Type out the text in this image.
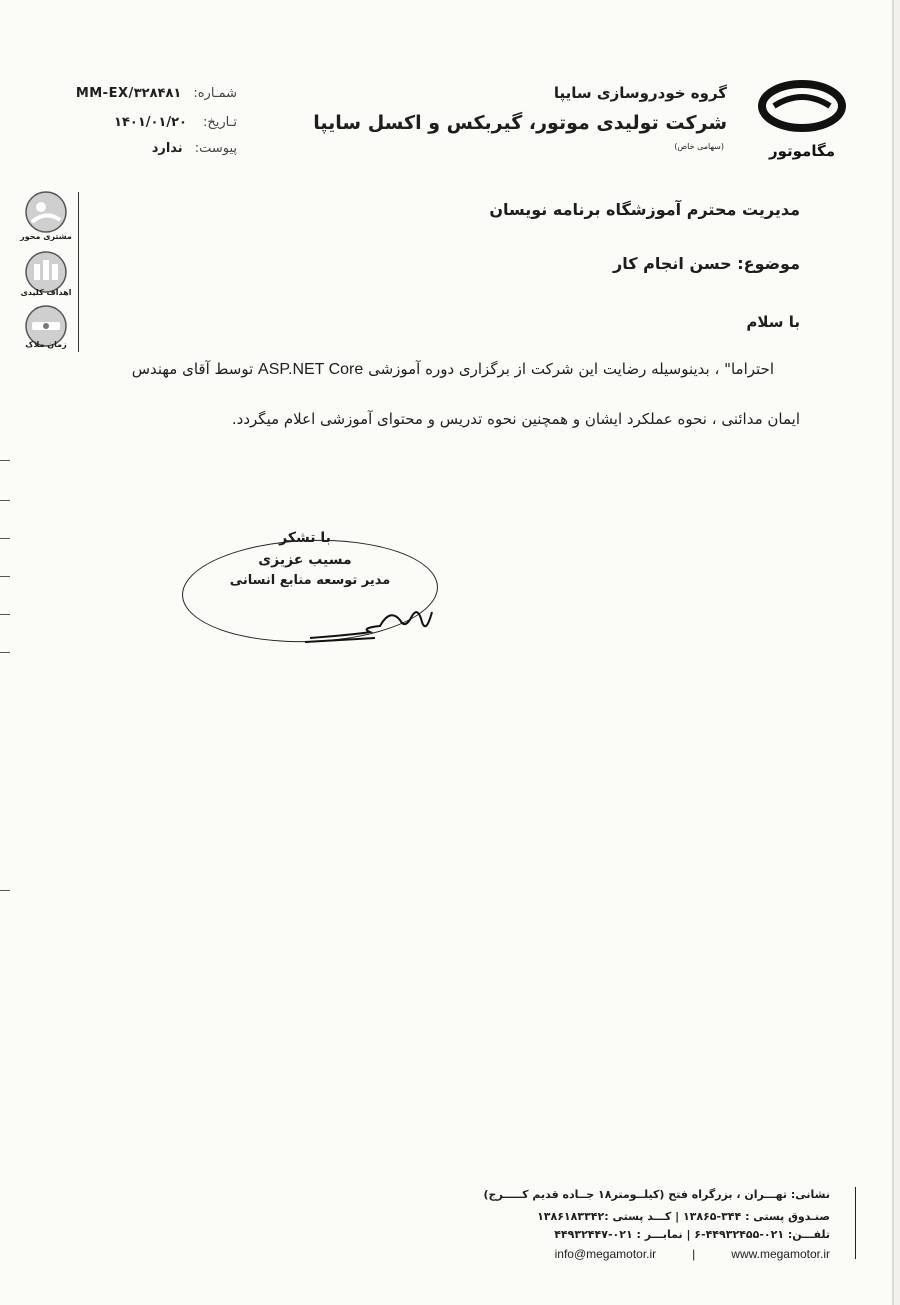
مگاموتور
گروه خودروسازی سایپا
شرکت تولیدی موتور، گیربکس و اکسل سایپا
(سهامی خاص)
شمـاره:
MM-EX/۳۲۸۴۸۱
تـاریخ:
۱۴۰۱/۰۱/۲۰
پیوست:
ندارد
مشتری محور
اهداف کلیدی
زمان ملاک
مدیریت محترم آموزشگاه برنامه نویسان
موضوع: حسن انجام کار
با سلام
احتراما" ، بدینوسیله رضایت این شرکت از برگزاری دوره آموزشی ASP.NET Core توسط آقای مهندس
ایمان مدائنی ، نحوه عملکرد ایشان و همچنین نحوه تدریس و محتوای آموزشی اعلام میگردد.
با تشکر
مسیب عزیزی
مدیر توسعه منابع انسانی
نشانی: تهـــران ، بزرگراه فتح (کیلــومتر۱۸ جــاده قدیم کـــــرج)
صنـدوق پستی : ۳۴۴-۱۳۸۶۵ | کـــد پستی :۱۳۸۶۱۸۳۳۴۲
تلفـــن: ۰۲۱-۴۴۹۳۲۴۵۵-۶ | نمابـــر : ۰۲۱-۴۴۹۳۲۴۴۷
info@megamotor.ir	|	www.megamotor.ir
